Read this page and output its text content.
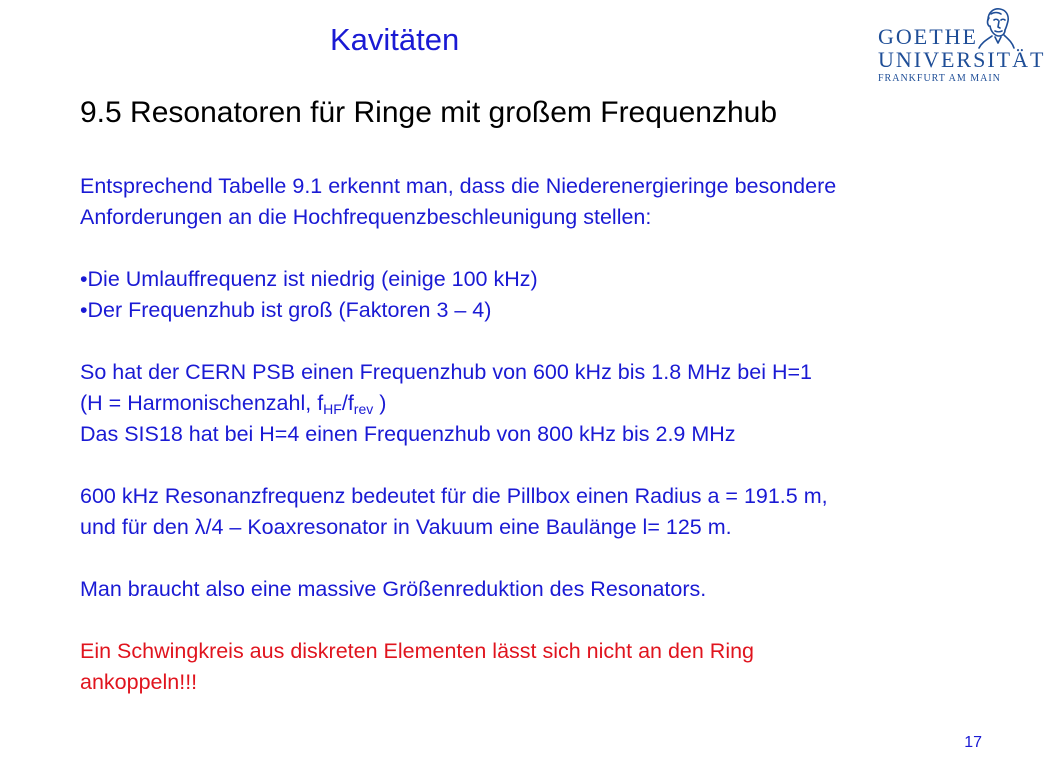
Kavitäten	GOETHE
UNIVERSITÄT
FRANKFURT AM MAIN
9.5 Resonatoren für Ringe mit großem Frequenzhub

Entsprechend Tabelle 9.1 erkennt man, dass die Niederenergieringe besondere
Anforderungen an die Hochfrequenzbeschleunigung stellen:

•Die Umlauffrequenz ist niedrig (einige 100 kHz)
•Der Frequenzhub ist groß (Faktoren 3 – 4)

So hat der CERN PSB einen Frequenzhub von 600 kHz bis 1.8 MHz bei H=1
(H = Harmonischenzahl, $f_{HF}/f_{rev}$ )
Das SIS18 hat bei H=4 einen Frequenzhub von 800 kHz bis 2.9 MHz

600 kHz Resonanzfrequenz bedeutet für die Pillbox einen Radius a = 191.5 m,
und für den λ/4 – Koaxresonator in Vakuum eine Baulänge l= 125 m.

Man braucht also eine massive Größenreduktion des Resonators.

Ein Schwingkreis aus diskreten Elementen lässt sich nicht an den Ring
ankoppeln!!!

17
